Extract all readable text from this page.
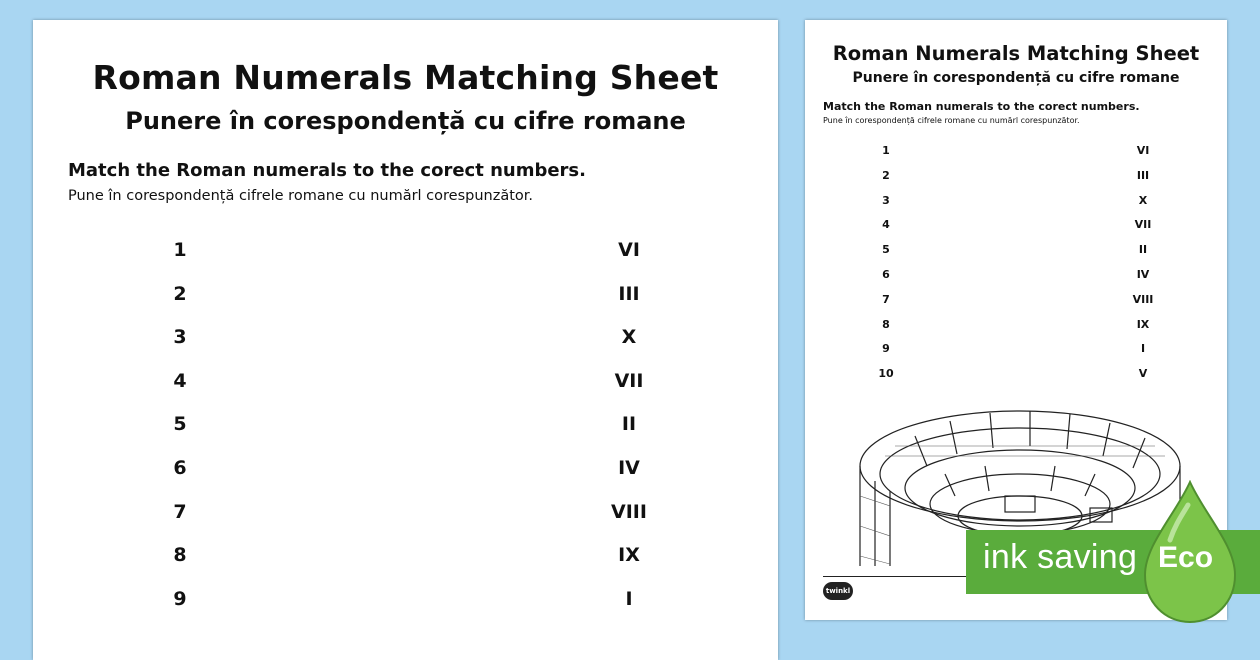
Roman Numerals Matching Sheet
Punere în corespondență cu cifre romane
Match the Roman numerals to the corect numbers.
Pune în corespondență cifrele romane cu numărl corespunzător.
1	VI
2	III
3	X
4	VII
5	II
6	IV
7	VIII
8	IX
9	I
Roman Numerals Matching Sheet
Punere în corespondență cu cifre romane
Match the Roman numerals to the corect numbers.
Pune în corespondență cifrele romane cu numărl corespunzător.
1	VI
2	III
3	X
4	VII
5	II
6	IV
7	VIII
8	IX
9	I
10	V
twinkl
ink saving Eco
